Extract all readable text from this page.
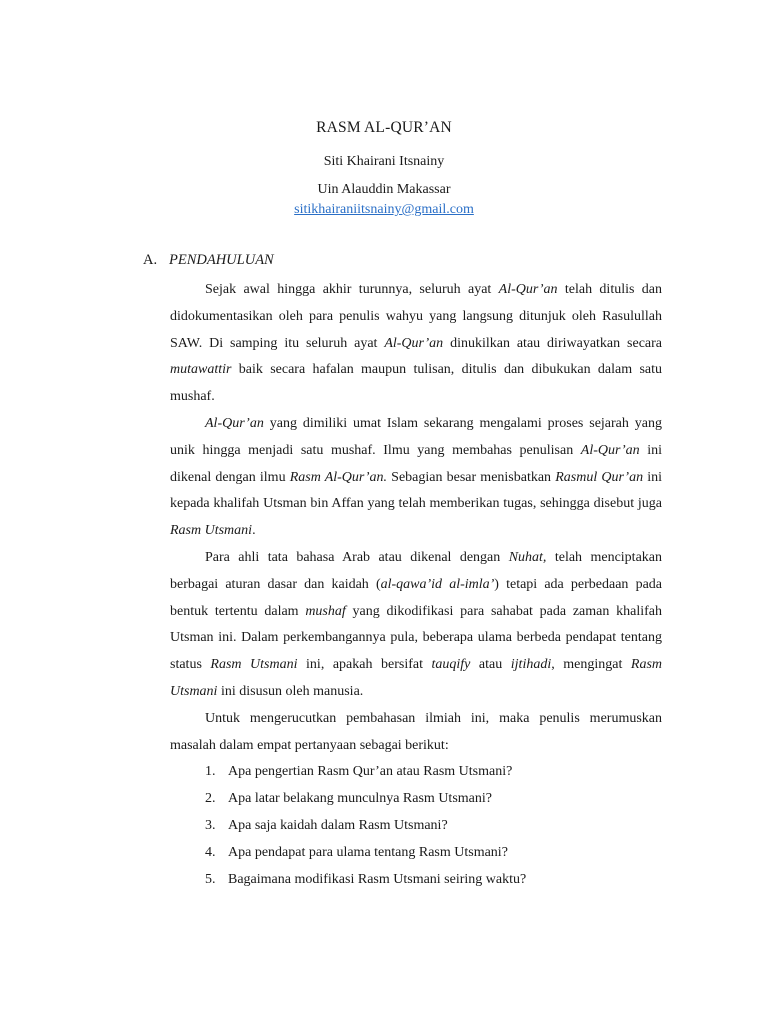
RASM AL-QUR’AN
Siti Khairani Itsnainy
Uin Alauddin Makassar
sitikhairaniitsnainy@gmail.com
A. PENDAHULUAN

Sejak awal hingga akhir turunnya, seluruh ayat Al-Qur’an telah ditulis dan didokumentasikan oleh para penulis wahyu yang langsung ditunjuk oleh Rasulullah SAW. Di samping itu seluruh ayat Al-Qur’an dinukilkan atau diriwayatkan secara mutawattir baik secara hafalan maupun tulisan, ditulis dan dibukukan dalam satu mushaf.

Al-Qur’an yang dimiliki umat Islam sekarang mengalami proses sejarah yang unik hingga menjadi satu mushaf. Ilmu yang membahas penulisan Al-Qur’an ini dikenal dengan ilmu Rasm Al-Qur’an. Sebagian besar menisbatkan Rasmul Qur’an ini kepada khalifah Utsman bin Affan yang telah memberikan tugas, sehingga disebut juga Rasm Utsmani.

Para ahli tata bahasa Arab atau dikenal dengan Nuhat, telah menciptakan berbagai aturan dasar dan kaidah (al-qawa’id al-imla’) tetapi ada perbedaan pada bentuk tertentu dalam mushaf yang dikodifikasi para sahabat pada zaman khalifah Utsman ini. Dalam perkembangannya pula, beberapa ulama berbeda pendapat tentang status Rasm Utsmani ini, apakah bersifat tauqify atau ijtihadi, mengingat Rasm Utsmani ini disusun oleh manusia.

Untuk mengerucutkan pembahasan ilmiah ini, maka penulis merumuskan masalah dalam empat pertanyaan sebagai berikut:

1. Apa pengertian Rasm Qur’an atau Rasm Utsmani?
2. Apa latar belakang munculnya Rasm Utsmani?
3. Apa saja kaidah dalam Rasm Utsmani?
4. Apa pendapat para ulama tentang Rasm Utsmani?
5. Bagaimana modifikasi Rasm Utsmani seiring waktu?
